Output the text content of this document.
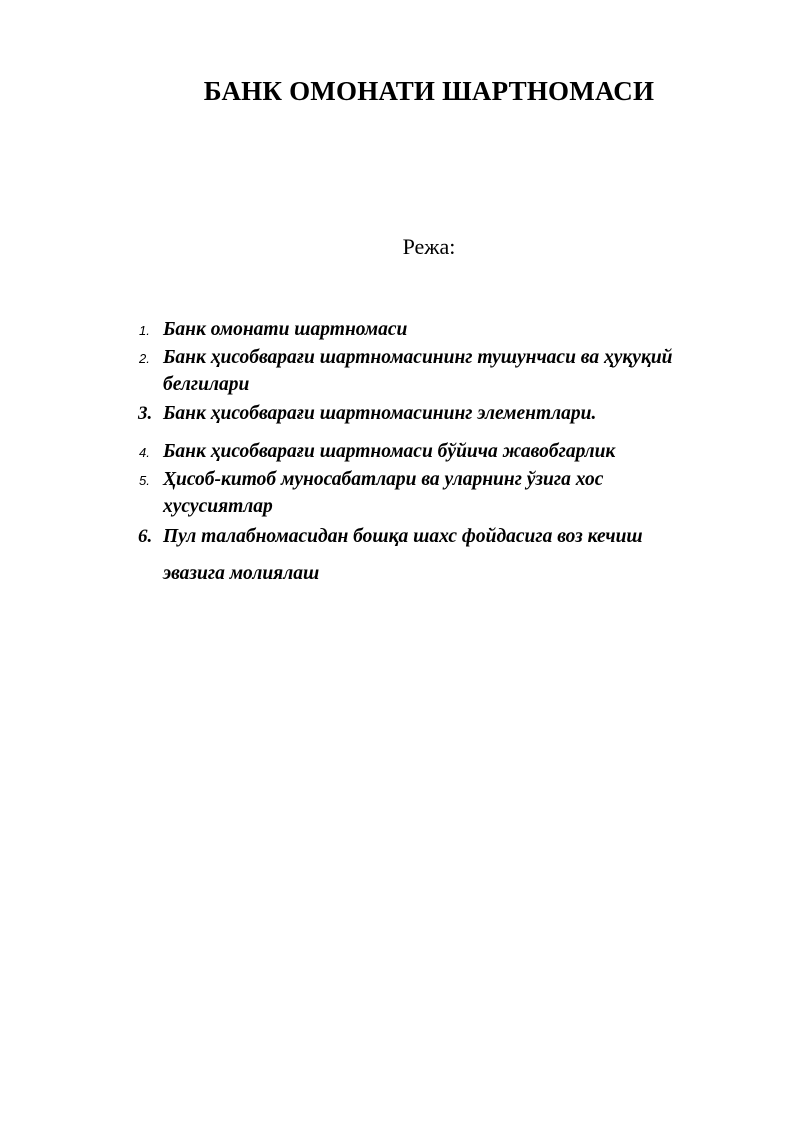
БАНК ОМОНАТИ ШАРТНОМАСИ

Режа:

1. Банк омонати шартномаси
2. Банк ҳисобварағи шартномасининг тушунчаси ва ҳуқуқий
белгилари
3. Банк ҳисобварағи шартномасининг элементлари.
4. Банк ҳисобварағи шартномаси бўйича жавобгарлик
5. Ҳисоб-китоб муносабатлари ва уларнинг ўзига хос
хусусиятлар
6. Пул талабномасидан бошқа шахс фойдасига воз кечиш
эвазига молиялаш
